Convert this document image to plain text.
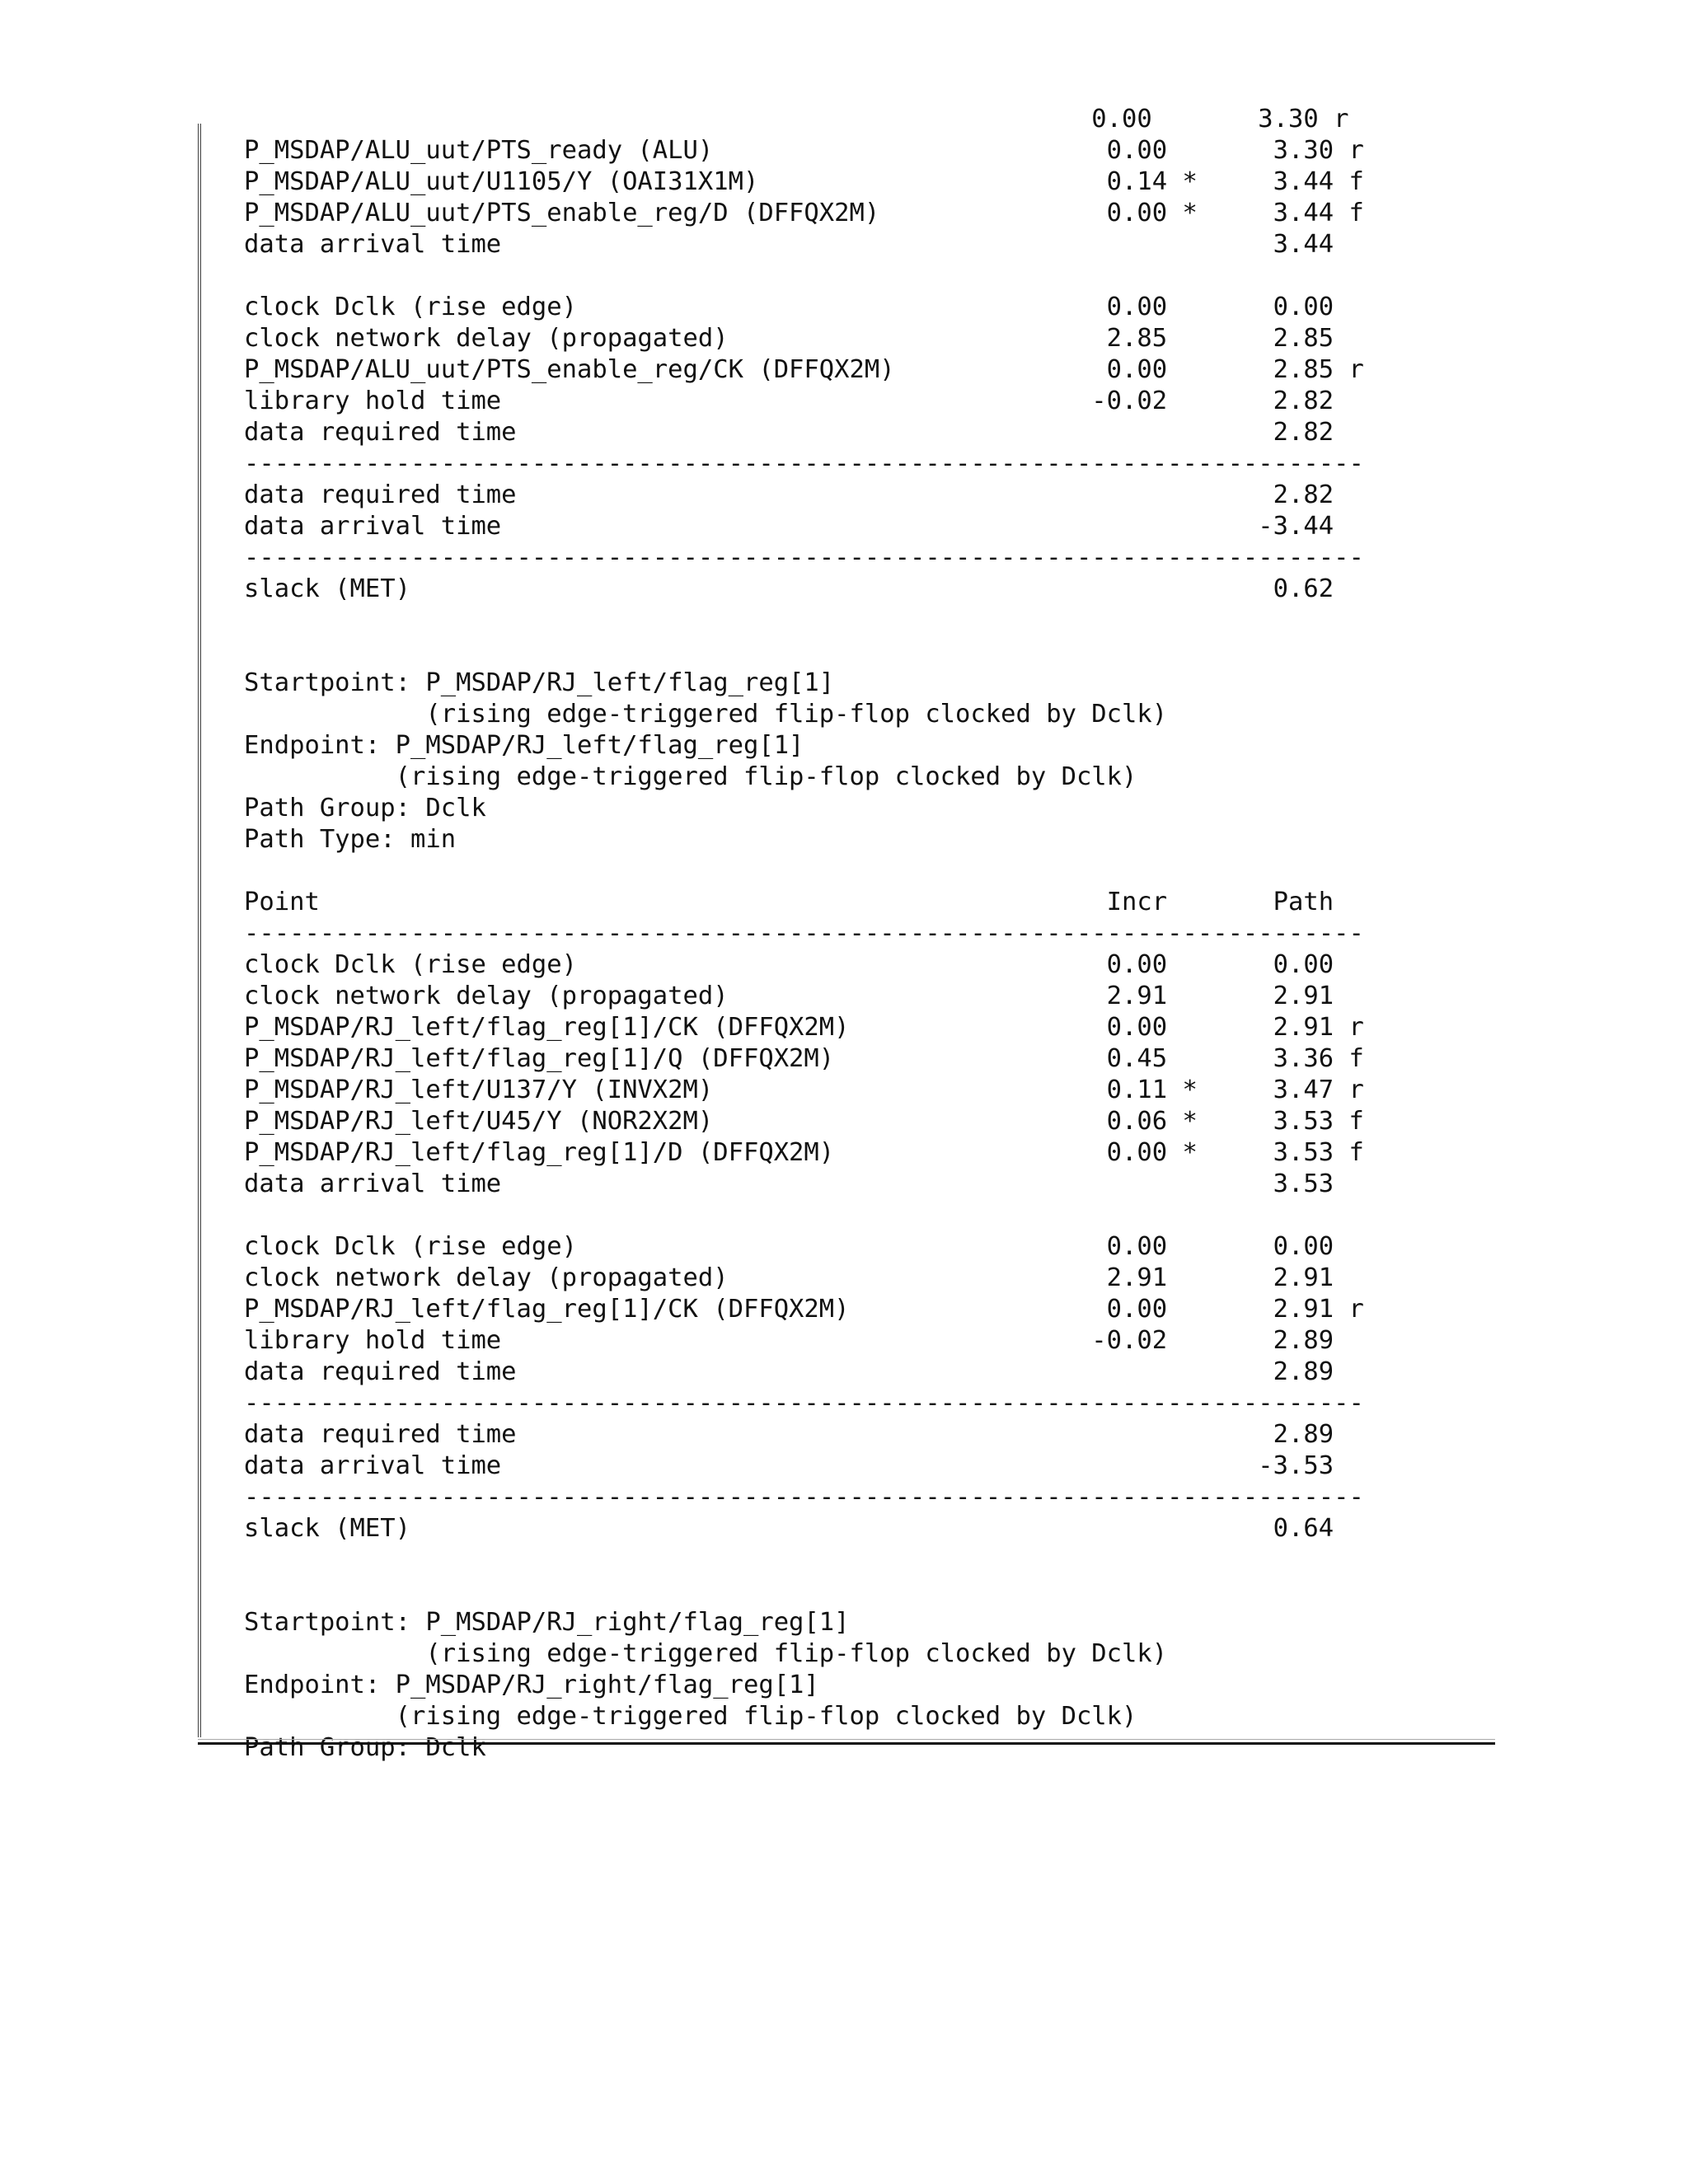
0.00       3.30 r
P_MSDAP/ALU_uut/PTS_ready (ALU)                          0.00       3.30 r
P_MSDAP/ALU_uut/U1105/Y (OAI31X1M)                       0.14 *     3.44 f
P_MSDAP/ALU_uut/PTS_enable_reg/D (DFFQX2M)               0.00 *     3.44 f
data arrival time                                                   3.44
clock Dclk (rise edge)                                   0.00       0.00
clock network delay (propagated)                         2.85       2.85
P_MSDAP/ALU_uut/PTS_enable_reg/CK (DFFQX2M)              0.00       2.85 r
library hold time                                       -0.02       2.82
data required time                                                  2.82
--------------------------------------------------------------------------
data required time                                                  2.82
data arrival time                                                  -3.44
--------------------------------------------------------------------------
slack (MET)                                                         0.62
Startpoint: P_MSDAP/RJ_left/flag_reg[1]
(rising edge-triggered flip-flop clocked by Dclk)
Endpoint: P_MSDAP/RJ_left/flag_reg[1]
(rising edge-triggered flip-flop clocked by Dclk)
Path Group: Dclk
Path Type: min
Point                                                    Incr       Path
--------------------------------------------------------------------------
clock Dclk (rise edge)                                   0.00       0.00
clock network delay (propagated)                         2.91       2.91
P_MSDAP/RJ_left/flag_reg[1]/CK (DFFQX2M)                 0.00       2.91 r
P_MSDAP/RJ_left/flag_reg[1]/Q (DFFQX2M)                  0.45       3.36 f
P_MSDAP/RJ_left/U137/Y (INVX2M)                          0.11 *     3.47 r
P_MSDAP/RJ_left/U45/Y (NOR2X2M)                          0.06 *     3.53 f
P_MSDAP/RJ_left/flag_reg[1]/D (DFFQX2M)                  0.00 *     3.53 f
data arrival time                                                   3.53
clock Dclk (rise edge)                                   0.00       0.00
clock network delay (propagated)                         2.91       2.91
P_MSDAP/RJ_left/flag_reg[1]/CK (DFFQX2M)                 0.00       2.91 r
library hold time                                       -0.02       2.89
data required time                                                  2.89
--------------------------------------------------------------------------
data required time                                                  2.89
data arrival time                                                  -3.53
--------------------------------------------------------------------------
slack (MET)                                                         0.64
Startpoint: P_MSDAP/RJ_right/flag_reg[1]
(rising edge-triggered flip-flop clocked by Dclk)
Endpoint: P_MSDAP/RJ_right/flag_reg[1]
(rising edge-triggered flip-flop clocked by Dclk)
Path Group: Dclk
